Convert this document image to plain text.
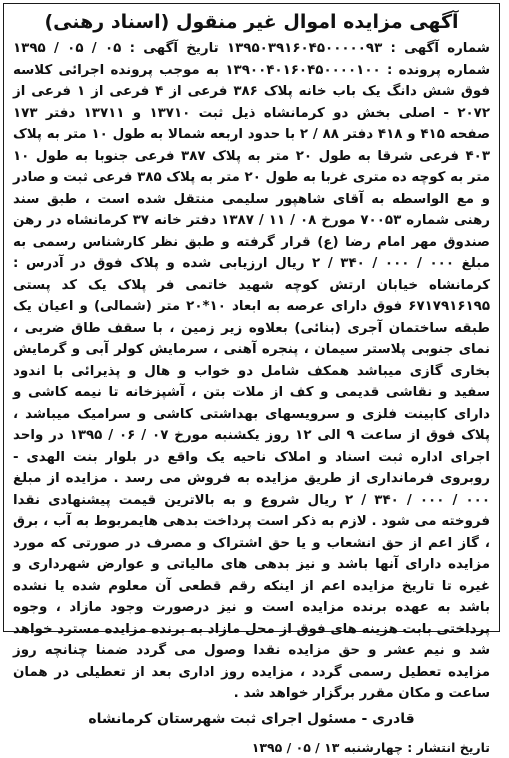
آگهی مزایده اموال غیر منقول (اسناد رهنی)
شماره آگهی : ۱۳۹۵۰۳۹۱۶۰۴۵۰۰۰۰۰۹۳ تاریخ آگهی : ۰۵ / ۰۵ / ۱۳۹۵ شماره پرونده : ۱۳۹۰۰۴۰۱۶۰۴۵۰۰۰۰۱۰۰ به موجب پرونده اجرائی کلاسه فوق شش دانگ یک باب خانه پلاک ۳۸۶ فرعی از ۴ فرعی از ۱ فرعی از ۲۰۷۲ - اصلی بخش دو کرمانشاه ذیل ثبت ۱۳۷۱۰ و ۱۳۷۱۱ دفتر ۱۷۳ صفحه ۴۱۵ و ۴۱۸ دفتر ۸۸ / ۲ با حدود اربعه شمالا به طول ۱۰ متر به پلاک ۴۰۳ فرعی شرقا به طول ۲۰ متر به پلاک ۳۸۷ فرعی جنوبا به طول ۱۰ متر به کوچه ده متری غربا به طول ۲۰ متر به پلاک ۳۸۵ فرعی ثبت و صادر و مع الواسطه به آقای شاهپور سلیمی منتقل شده است ، طبق سند رهنی شماره ۷۰۰۵۳ مورخ ۰۸ / ۱۱ / ۱۳۸۷ دفتر خانه ۳۷ کرمانشاه در رهن صندوق مهر امام رضا (ع) قرار گرفته و طبق نظر کارشناس رسمی به مبلغ ۰۰۰ / ۰۰۰ / ۳۴۰ / ۲ ریال ارزیابی شده و پلاک فوق در آدرس : کرمانشاه خیابان ارتش کوچه شهید خاتمی فر پلاک یک کد پستی ۶۷۱۷۹۱۶۱۹۵ فوق دارای عرصه به ابعاد ۱۰*۲۰ متر (شمالی) و اعیان یک طبقه ساختمان آجری (بنائی) بعلاوه زیر زمین ، با سقف طاق ضربی ، نمای جنوبی پلاستر سیمان ، پنجره آهنی ، سرمایش کولر آبی و گرمایش بخاری گازی میباشد همکف شامل دو خواب و هال و پذیرائی با اندود سفید و نقاشی قدیمی و کف از ملات بتن ، آشپزخانه تا نیمه کاشی و دارای کابینت فلزی و سرویسهای بهداشتی کاشی و سرامیک میباشد ، پلاک فوق از ساعت ۹ الی ۱۲ روز یکشنبه مورخ ۰۷ / ۰۶ / ۱۳۹۵ در واحد اجرای اداره ثبت اسناد و املاک ناحیه یک واقع در بلوار بنت الهدی - روبروی فرمانداری از طریق مزایده به فروش می رسد . مزایده از مبلغ ۰۰۰ / ۰۰۰ / ۳۴۰ / ۲ ریال شروع و به بالاترین قیمت پیشنهادی نقدا فروخته می شود . لازم به ذکر است پرداخت بدهی هایمربوط به آب ، برق ، گاز اعم از حق انشعاب و یا حق اشتراک و مصرف در صورتی که مورد مزایده دارای آنها باشد و نیز بدهی های مالیاتی و عوارض شهرداری و غیره تا تاریخ مزایده اعم از اینکه رقم قطعی آن معلوم شده یا نشده باشد به عهده برنده مزایده است و نیز درصورت وجود مازاد ، وجوه پرداختی بابت هزینه های فوق از محل مازاد به برنده مزایده مسترد خواهد شد و نیم عشر و حق مزایده نقدا وصول می گردد ضمنا چنانچه روز مزایده تعطیل رسمی گردد ، مزایده روز اداری بعد از تعطیلی در همان ساعت و مکان مقرر برگزار خواهد شد .
قادری - مسئول اجرای ثبت شهرستان کرمانشاه
تاریخ انتشار : چهارشنبه ۱۳ / ۰۵ / ۱۳۹۵
